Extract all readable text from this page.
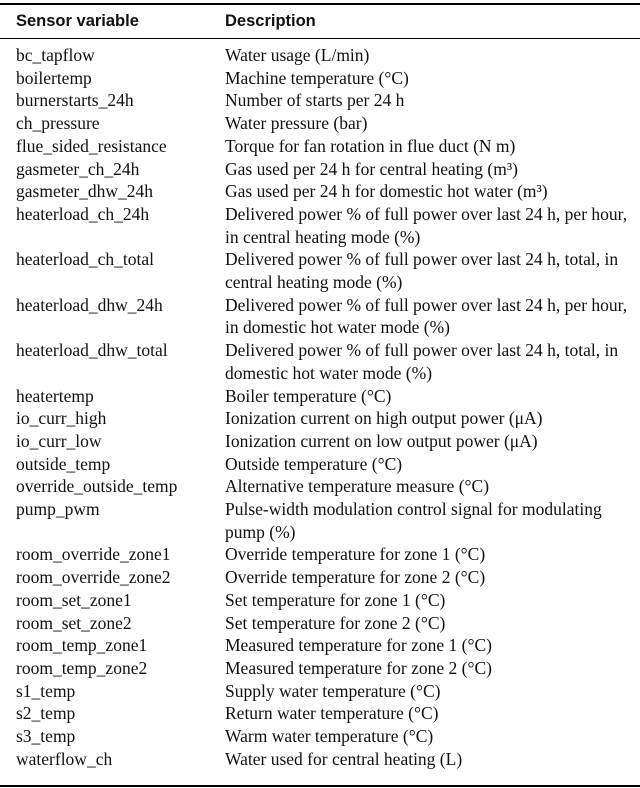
Sensor variable	Description
bc_tapflow	Water usage (L/min)
boilertemp	Machine temperature (°C)
burnerstarts_24h	Number of starts per 24 h
ch_pressure	Water pressure (bar)
flue_sided_resistance	Torque for fan rotation in flue duct (N m)
gasmeter_ch_24h	Gas used per 24 h for central heating (m³)
gasmeter_dhw_24h	Gas used per 24 h for domestic hot water (m³)
heaterload_ch_24h	Delivered power % of full power over last 24 h, per hour, in central heating mode (%)
heaterload_ch_total	Delivered power % of full power over last 24 h, total, in central heating mode (%)
heaterload_dhw_24h	Delivered power % of full power over last 24 h, per hour, in domestic hot water mode (%)
heaterload_dhw_total	Delivered power % of full power over last 24 h, total, in domestic hot water mode (%)
heatertemp	Boiler temperature (°C)
io_curr_high	Ionization current on high output power (μA)
io_curr_low	Ionization current on low output power (μA)
outside_temp	Outside temperature (°C)
override_outside_temp	Alternative temperature measure (°C)
pump_pwm	Pulse-width modulation control signal for modulating pump (%)
room_override_zone1	Override temperature for zone 1 (°C)
room_override_zone2	Override temperature for zone 2 (°C)
room_set_zone1	Set temperature for zone 1 (°C)
room_set_zone2	Set temperature for zone 2 (°C)
room_temp_zone1	Measured temperature for zone 1 (°C)
room_temp_zone2	Measured temperature for zone 2 (°C)
s1_temp	Supply water temperature (°C)
s2_temp	Return water temperature (°C)
s3_temp	Warm water temperature (°C)
waterflow_ch	Water used for central heating (L)
